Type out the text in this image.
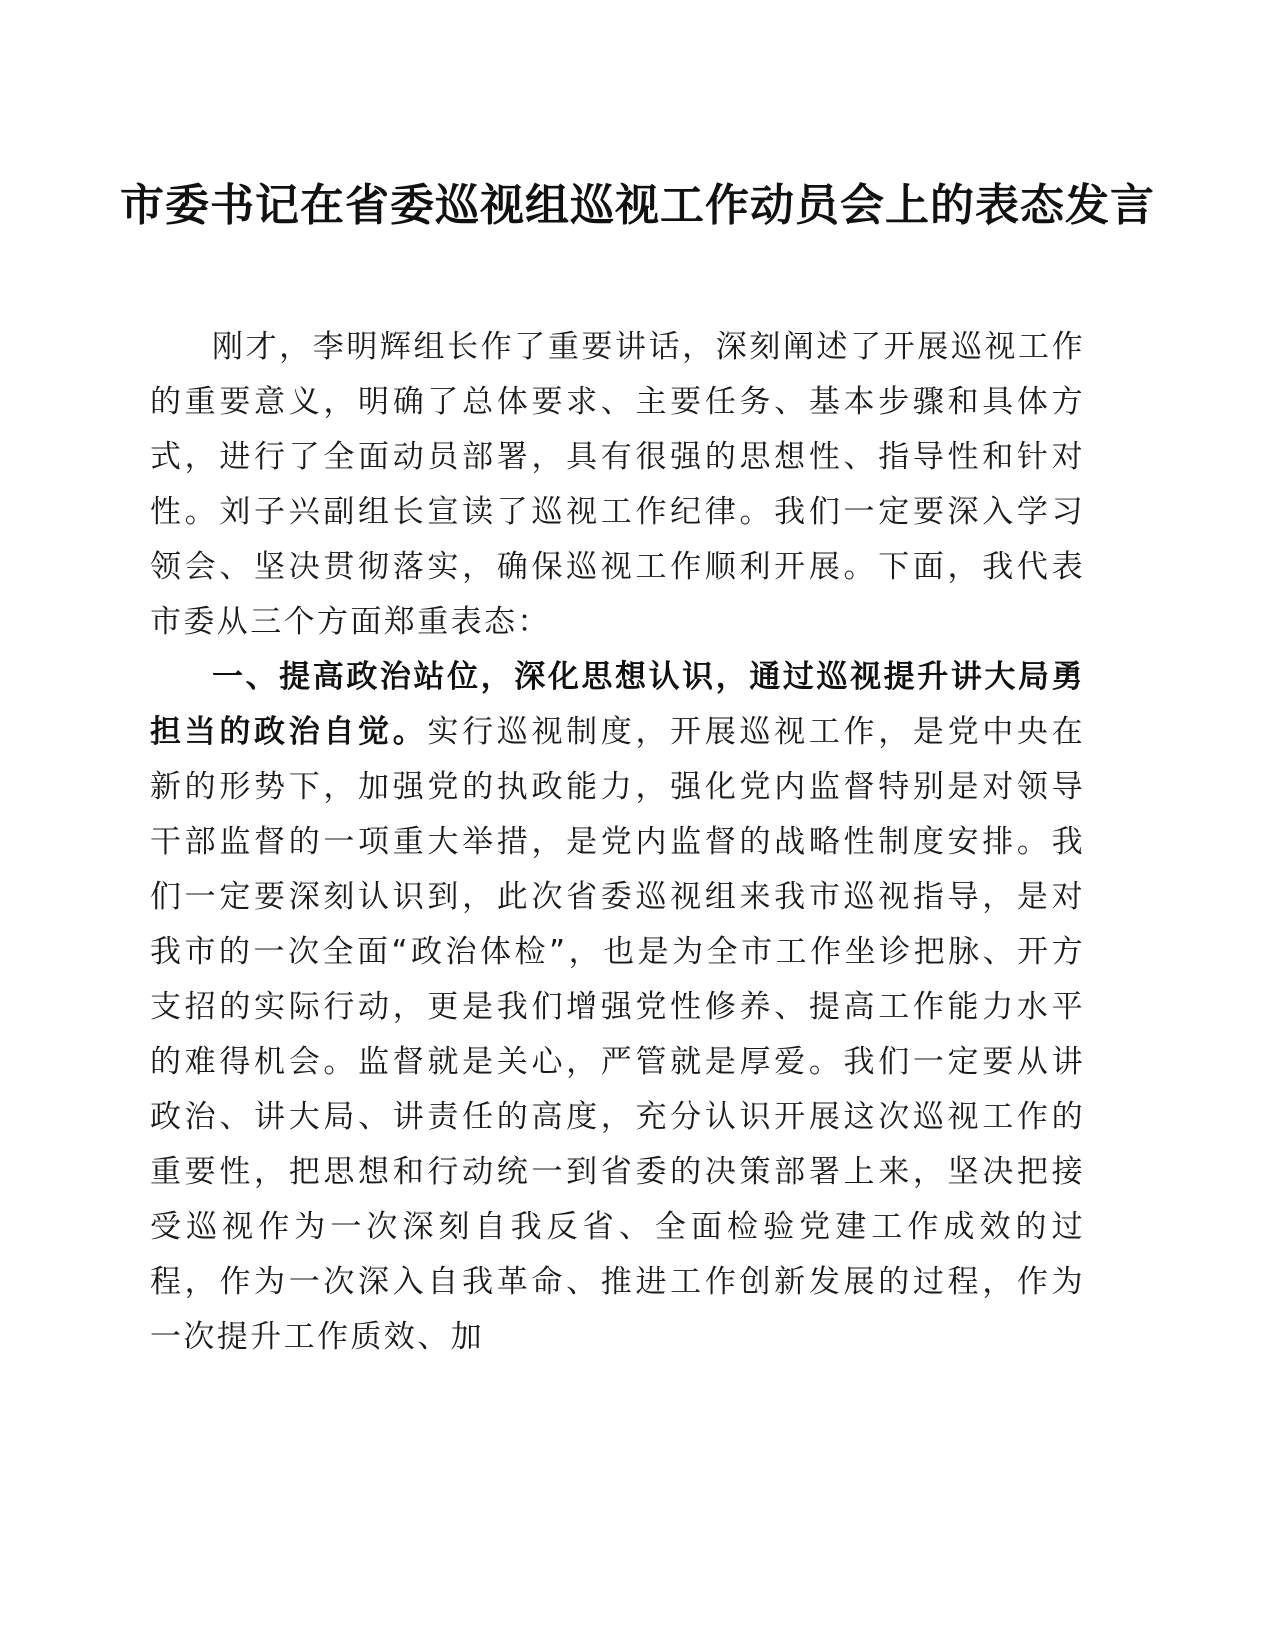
市委书记在省委巡视组巡视工作动员会上的表态发言

刚才，李明辉组长作了重要讲话，深刻阐述了开展巡视工作的重要意义，明确了总体要求、主要任务、基本步骤和具体方式，进行了全面动员部署，具有很强的思想性、指导性和针对性。刘子兴副组长宣读了巡视工作纪律。我们一定要深入学习领会、坚决贯彻落实，确保巡视工作顺利开展。下面，我代表市委从三个方面郑重表态：

一、提高政治站位，深化思想认识，通过巡视提升讲大局勇担当的政治自觉。实行巡视制度，开展巡视工作，是党中央在新的形势下，加强党的执政能力，强化党内监督特别是对领导干部监督的一项重大举措，是党内监督的战略性制度安排。我们一定要深刻认识到，此次省委巡视组来我市巡视指导，是对我市的一次全面“政治体检”，也是为全市工作坐诊把脉、开方支招的实际行动，更是我们增强党性修养、提高工作能力水平的难得机会。监督就是关心，严管就是厚爱。我们一定要从讲政治、讲大局、讲责任的高度，充分认识开展这次巡视工作的重要性，把思想和行动统一到省委的决策部署上来，坚决把接受巡视作为一次深刻自我反省、全面检验党建工作成效的过程，作为一次深入自我革命、推进工作创新发展的过程，作为一次提升工作质效、加
